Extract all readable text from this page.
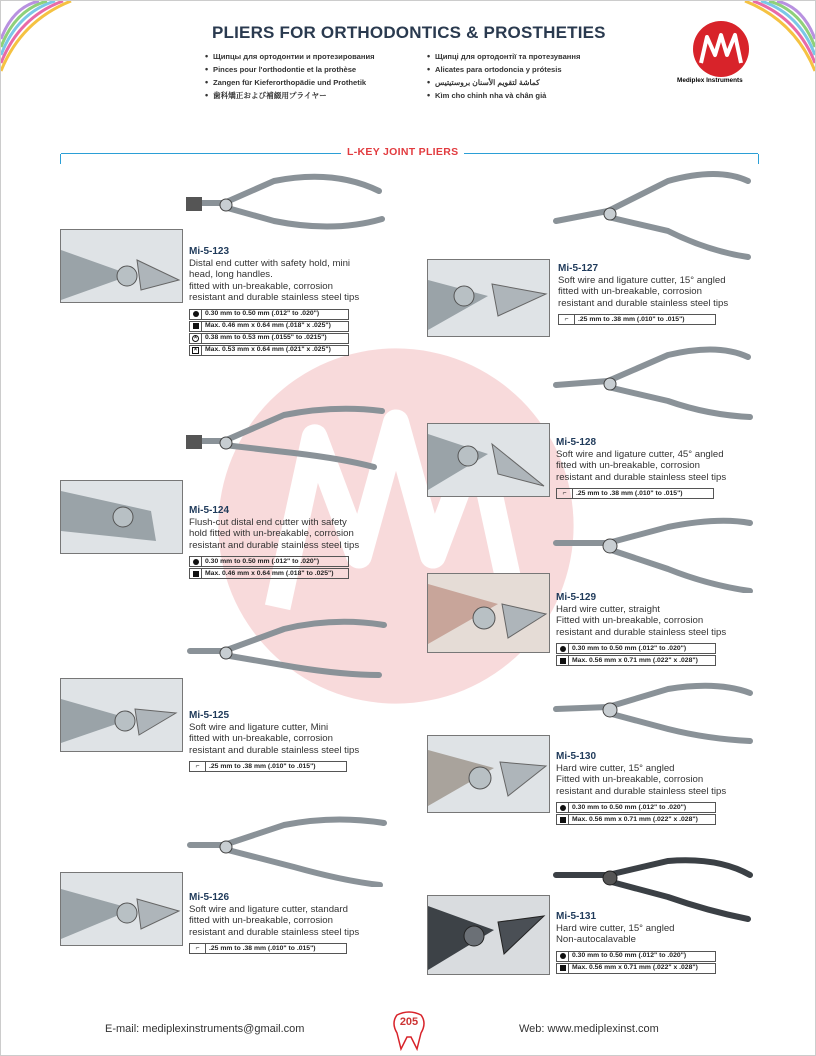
PLIERS FOR ORTHODONTICS & PROSTHETIES
• Щипцы для ортодонтии и протезирования
• Pinces pour l'orthodontie et la prothèse
• Zangen für Kieferorthopädie und Prothetik
• 歯科矯正および補綴用プライヤー
• Щипці для ортодонтії та протезування
• Alicates para ortodoncia y prótesis
• كماشة لتقويم الأسنان بروستيتيس
• Kìm cho chỉnh nha và chân giả
Mediplex Instruments
L-KEY JOINT PLIERS
Mi-5-123
Distal end cutter with safety hold, mini
head, long handles.
fitted with un-breakable, corrosion
resistant and durable stainless steel tips
0.30 mm to 0.50 mm (.012" to .020")
Max. 0.46 mm x 0.64 mm (.018" x .025")
× 0.38 mm to 0.53 mm (.0155" to .0215")
× Max. 0.53 mm x 0.64 mm (.021" x .025")
Mi-5-124
Flush-cut distal end cutter with safety
hold fitted with un-breakable, corrosion
resistant and durable stainless steel tips
0.30 mm to 0.50 mm (.012" to .020")
Max. 0.46 mm x 0.64 mm (.018" to .025")
Mi-5-125
Soft wire and ligature cutter, Mini
fitted with un-breakable, corrosion
resistant and durable stainless steel tips
⌐	.25 mm to .38 mm (.010" to .015")
Mi-5-126
Soft wire and ligature cutter, standard
fitted with un-breakable, corrosion
resistant and durable stainless steel tips
⌐	.25 mm to .38 mm (.010" to .015")
Mi-5-127
Soft wire and ligature cutter, 15° angled
fitted with un-breakable, corrosion
resistant and durable stainless steel tips
⌐	.25 mm to .38 mm (.010" to .015")
Mi-5-128
Soft wire and ligature cutter, 45° angled
fitted with un-breakable, corrosion
resistant and durable stainless steel tips
⌐	.25 mm to .38 mm (.010" to .015")
Mi-5-129
Hard wire cutter, straight
Fitted with un-breakable, corrosion
resistant and durable stainless steel tips
0.30 mm to 0.50 mm (.012" to .020")
Max. 0.56 mm x 0.71 mm (.022" x .028")
Mi-5-130
Hard wire cutter, 15° angled
Fitted with un-breakable, corrosion
resistant and durable stainless steel tips
0.30 mm to 0.50 mm (.012" to .020")
Max. 0.56 mm x 0.71 mm (.022" x .028")
Mi-5-131
Hard wire cutter, 15° angled
Non-autocalavable
0.30 mm to 0.50 mm (.012" to .020")
Max. 0.56 mm x 0.71 mm (.022" x .028")
E-mail: mediplexinstruments@gmail.com
205
Web: www.mediplexinst.com
